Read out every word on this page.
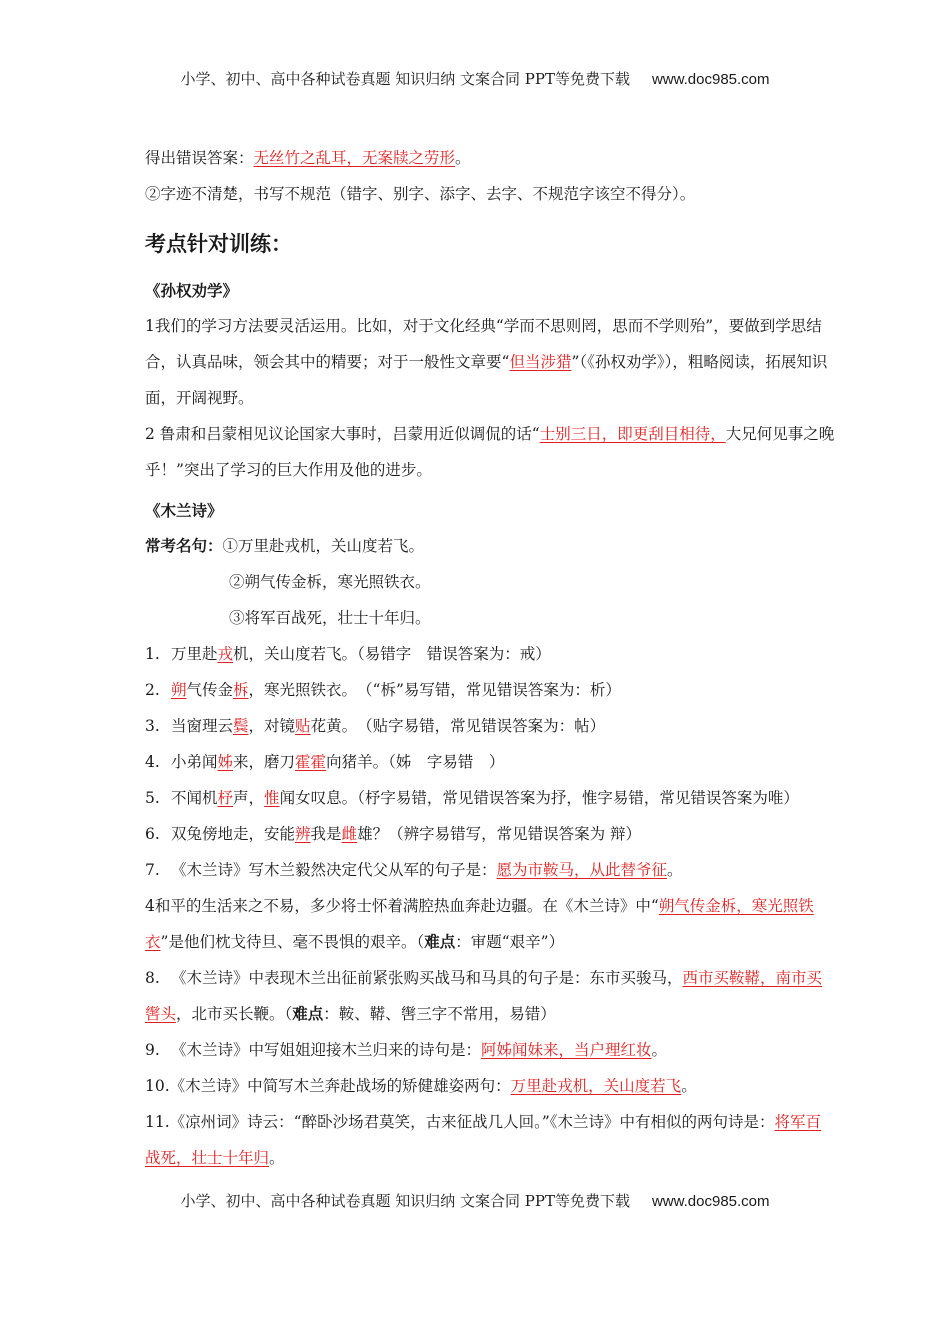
小学、初中、高中各种试卷真题 知识归纳 文案合同 PPT等免费下载 www.doc985.com

得出错误答案：无丝竹之乱耳，无案牍之劳形。

②字迹不清楚，书写不规范（错字、别字、添字、去字、不规范字该空不得分）。

考点针对训练：

《孙权劝学》

1我们的学习方法要灵活运用。比如，对于文化经典“学而不思则罔，思而不学则殆”，要做到学思结合，认真品味，领会其中的精要；对于一般性文章要“但当涉猎”（《孙权劝学》），粗略阅读，拓展知识面，开阔视野。

2 鲁肃和吕蒙相见议论国家大事时，吕蒙用近似调侃的话“士别三日，即更刮目相待，大兄何见事之晚乎！”突出了学习的巨大作用及他的进步。

《木兰诗》

常考名句：①万里赴戎机，关山度若飞。

②朔气传金柝，寒光照铁衣。

③将军百战死，壮士十年归。

1. 万里赴戎机，关山度若飞。（易错字　错误答案为：戒）

2. 朔气传金柝，寒光照铁衣。　（“柝”易写错，常见错误答案为：析）

3. 当窗理云鬓，对镜贴花黄。　（贴字易错，常见错误答案为：帖）

4. 小弟闻姊来，磨刀霍霍向猪羊。（姊　字易错　）

5. 不闻机杼声，惟闻女叹息。（杼字易错，常见错误答案为抒，惟字易错，常见错误答案为唯）

6. 双兔傍地走，安能辨我是雌雄？（辨字易错写，常见错误答案为 辩）

7. 《木兰诗》写木兰毅然决定代父从军的句子是：愿为市鞍马，从此替爷征。

4和平的生活来之不易，多少将士怀着满腔热血奔赴边疆。在《木兰诗》中“朔气传金柝，寒光照铁衣”是他们枕戈待旦、毫不畏惧的艰辛。（难点：审题“艰辛”）

8. 《木兰诗》中表现木兰出征前紧张购买战马和马具的句子是：东市买骏马，西市买鞍鞯，南市买辔头，北市买长鞭。（难点：鞍、鞯、辔三字不常用，易错）

9. 《木兰诗》中写姐姐迎接木兰归来的诗句是：阿姊闻妹来，当户理红妆。

10.《木兰诗》中简写木兰奔赴战场的矫健雄姿两句：万里赴戎机，关山度若飞。

11.《凉州词》诗云：“醉卧沙场君莫笑，古来征战几人回。”《木兰诗》中有相似的两句诗是：将军百战死，壮士十年归。

小学、初中、高中各种试卷真题 知识归纳 文案合同 PPT等免费下载 www.doc985.com
